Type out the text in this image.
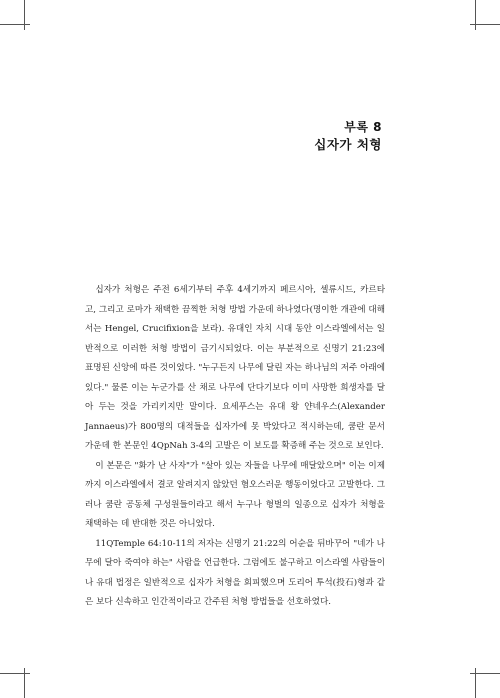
부록 8
십자가 처형

십자가 처형은 주전 6세기부터 주후 4세기까지 페르시아, 셀류시드, 카르타고, 그리고 로마가 채택한 끔찍한 처형 방법 가운데 하나였다(명이한 개관에 대해서는 Hengel, Crucifixion을 보라). 유대인 자치 시대 동안 이스라엘에서는 일반적으로 이러한 처형 방법이 금기시되었다. 이는 부분적으로 신명기 21:23에 표명된 신앙에 따른 것이었다. "누구든지 나무에 달린 자는 하나님의 저주 아래에 있다." 물론 이는 누군가를 산 채로 나무에 단다기보다 이미 사망한 희생자를 달아 두는 것을 가리키지만 말이다. 요세푸스는 유대 왕 얀네우스(Alexander Jannaeus)가 800명의 대적들을 십자가에 못 박았다고 적시하는데, 쿰란 문서 가운데 한 본문인 4QpNah 3-4의 고발은 이 보도를 확증해 주는 것으로 보인다.

이 본문은 "화가 난 사자"가 "살아 있는 자들을 나무에 매달았으며" 이는 이제까지 이스라엘에서 결코 알려지지 않았던 혐오스러운 행동이었다고 고발한다. 그러나 쿰란 공동체 구성원들이라고 해서 누구나 형벌의 일종으로 십자가 처형을 채택하는 데 반대한 것은 아니었다.

11QTemple 64:10-11의 저자는 신명기 21:22의 어순을 뒤바꾸어 "네가 나무에 달아 죽여야 하는" 사람을 언급한다. 그럼에도 불구하고 이스라엘 사람들이나 유대 법정은 일반적으로 십자가 처형을 회피했으며 도리어 투석(投石)형과 같은 보다 신속하고 인간적이라고 간주된 처형 방법들을 선호하였다.
